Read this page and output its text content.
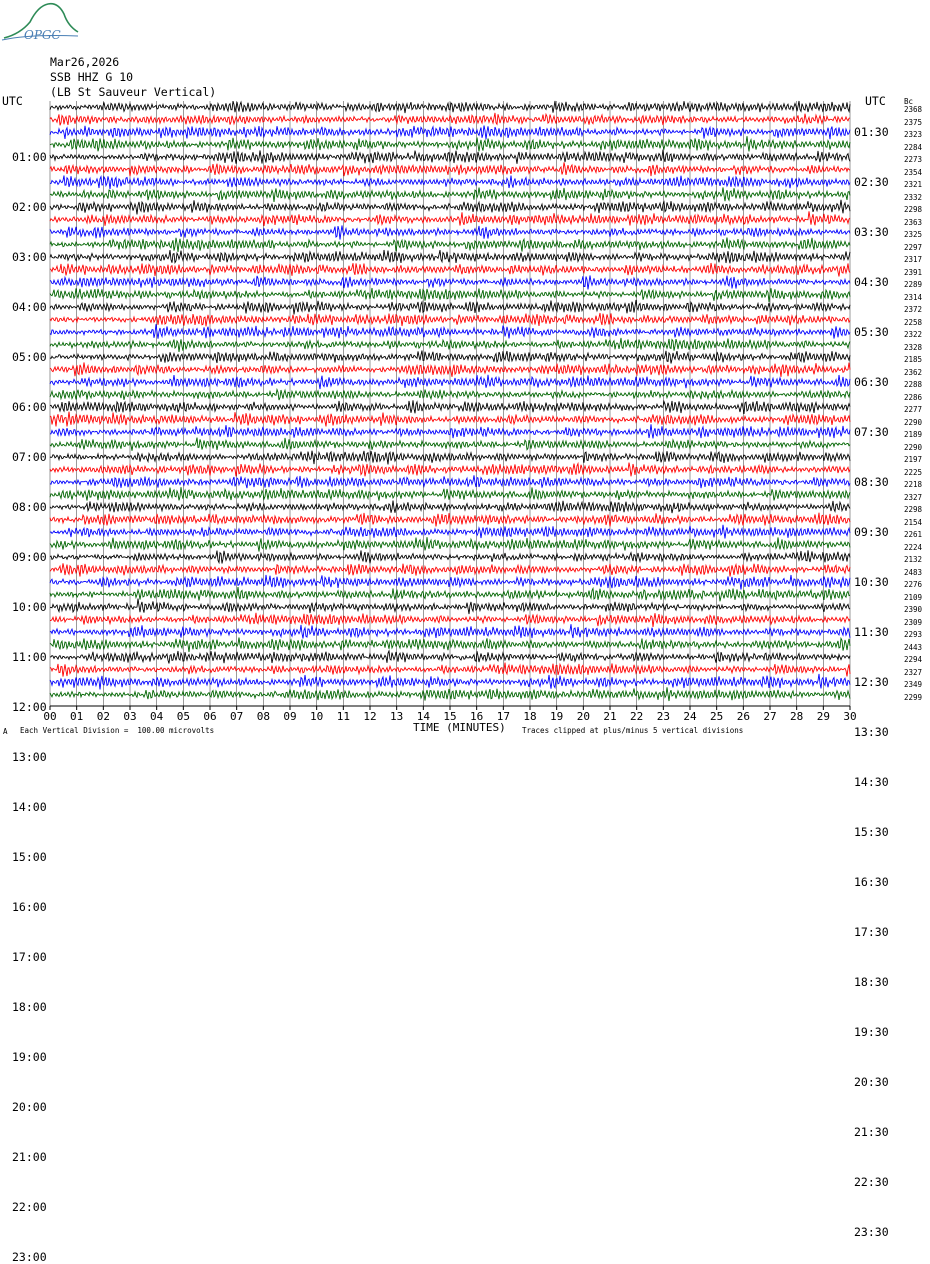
OPGC
Mar26,2026
SSB HHZ G 10
(LB St Sauveur Vertical)
00 01 02 03 04 05 06 07 08 09 10 11 12 13 14 15 16 17 18 19 20 21 22 23 24 25 26 27 28 29 30
2368
2375
2323
2284
2273
2354
2321
2332
2298
2363
2325
2297
2317
2391
2289
2314
2372
2258
2322
2328
2185
2362
2288
2286
2277
2290
2189
2290
2197
2225
2218
2327
2298
2154
2261
2224
2132
2483
2276
2109
2390
2309
2293
2443
2294
2327
2349
2299
UTC
01:00
02:00
03:00
04:00
05:00
06:00
07:00
08:00
09:00
10:00
11:00
12:00
13:00
14:00
15:00
16:00
17:00
18:00
19:00
20:00
21:00
22:00
23:00
UTC
01:30
02:30
03:30
04:30
05:30
06:30
07:30
08:30
09:30
10:30
11:30
12:30
13:30
14:30
15:30
16:30
17:30
18:30
19:30
20:30
21:30
22:30
23:30
Bc
TIME (MINUTES)
A Each Vertical Division =  100.00 microvolts	Traces clipped at plus/minus 5 vertical divisions
